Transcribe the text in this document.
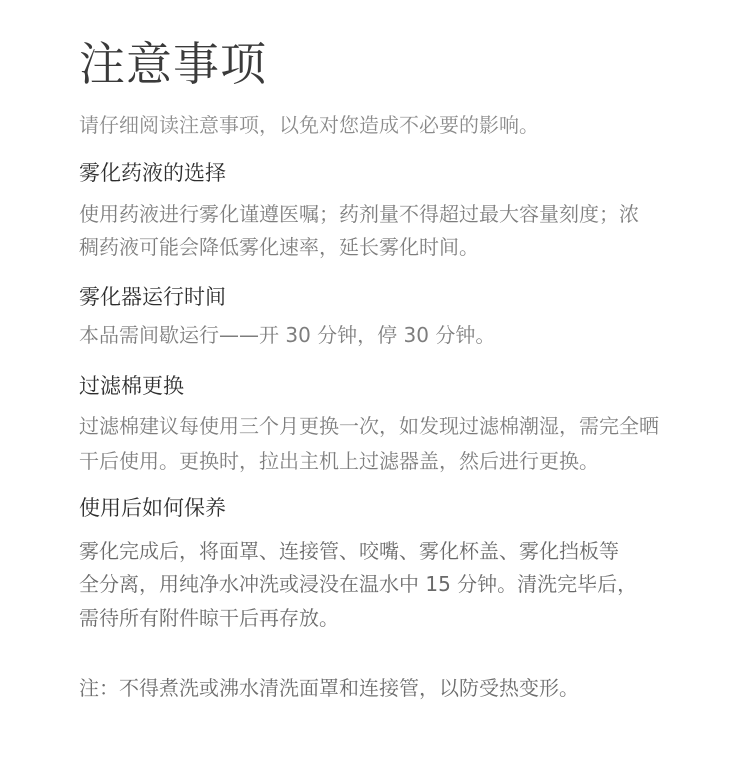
注意事项
请仔细阅读注意事项，以免对您造成不必要的影响。
雾化药液的选择
使用药液进行雾化谨遵医嘱；药剂量不得超过最大容量刻度；浓
稠药液可能会降低雾化速率，延长雾化时间。
雾化器运行时间
本品需间歇运行——开 30 分钟，停 30 分钟。
过滤棉更换
过滤棉建议每使用三个月更换一次，如发现过滤棉潮湿，需完全晒
干后使用。更换时，拉出主机上过滤器盖，然后进行更换。
使用后如何保养
雾化完成后，将面罩、连接管、咬嘴、雾化杯盖、雾化挡板等
全分离，用纯净水冲洗或浸没在温水中 15 分钟。清洗完毕后，
需待所有附件晾干后再存放。
注：不得煮洗或沸水清洗面罩和连接管，以防受热变形。
